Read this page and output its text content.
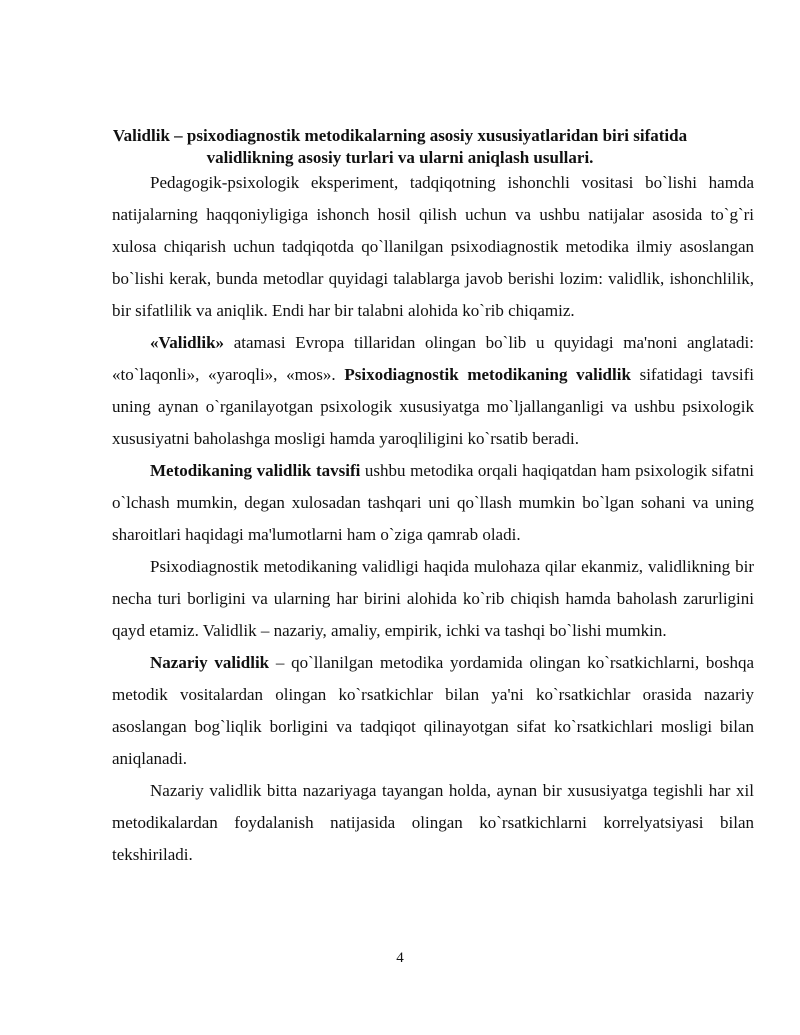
Validlik – psixodiagnostik metodikalarning asosiy xususiyatlaridan biri sifatida
validlikning asosiy turlari va ularni aniqlash usullari.

Pedagogik-psixologik eksperiment, tadqiqotning ishonchli vositasi bo`lishi hamda natijalarning haqqoniyligiga ishonch hosil qilish uchun va ushbu natijalar asosida to`g`ri xulosa chiqarish uchun tadqiqotda qo`llanilgan psixodiagnostik metodika ilmiy asoslangan bo`lishi kerak, bunda metodlar quyidagi talablarga javob berishi lozim: validlik, ishonchlilik, bir sifatlilik va aniqlik. Endi har bir talabni alohida ko`rib chiqamiz.

«Validlik» atamasi Evropa tillaridan olingan bo`lib u quyidagi ma'noni anglatadi: «to`laqonli», «yaroqli», «mos». Psixodiagnostik metodikaning validlik sifatidagi tavsifi uning aynan o`rganilayotgan psixologik xususiyatga mo`ljallanganligi va ushbu psixologik xususiyatni baholashga mosligi hamda yaroqliligini ko`rsatib beradi.

Metodikaning validlik tavsifi ushbu metodika orqali haqiqatdan ham psixologik sifatni o`lchash mumkin, degan xulosadan tashqari uni qo`llash mumkin bo`lgan sohani va uning sharoitlari haqidagi ma'lumotlarni ham o`ziga qamrab oladi.

Psixodiagnostik metodikaning validligi haqida mulohaza qilar ekanmiz, validlikning bir necha turi borligini va ularning har birini alohida ko`rib chiqish hamda baholash zarurligini qayd etamiz. Validlik – nazariy, amaliy, empirik, ichki va tashqi bo`lishi mumkin.

Nazariy validlik – qo`llanilgan metodika yordamida olingan ko`rsatkichlarni, boshqa metodik vositalardan olingan ko`rsatkichlar bilan ya'ni ko`rsatkichlar orasida nazariy asoslangan bog`liqlik borligini va tadqiqot qilinayotgan sifat ko`rsatkichlari mosligi bilan aniqlanadi.

Nazariy validlik bitta nazariyaga tayangan holda, aynan bir xususiyatga tegishli har xil metodikalardan foydalanish natijasida olingan ko`rsatkichlarni korrelyatsiyasi bilan tekshiriladi.

4
